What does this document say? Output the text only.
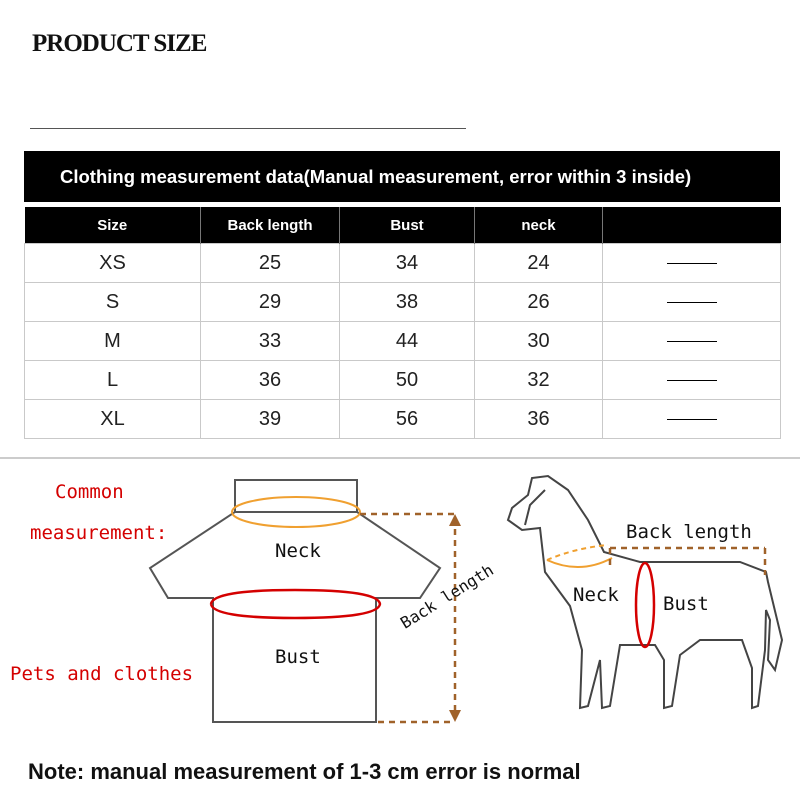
PRODUCT SIZE
Clothing measurement data(Manual measurement, error within 3 inside)
Size	Back length	Bust	neck	
XS	25	34	24	
S	29	38	26	
M	33	44	30	
L	36	50	32	
XL	39	56	36	
Common
measurement:
Pets and clothes
Neck
Bust
Back length
Back length
Neck Bust
Note: manual measurement of 1-3 cm error is normal
